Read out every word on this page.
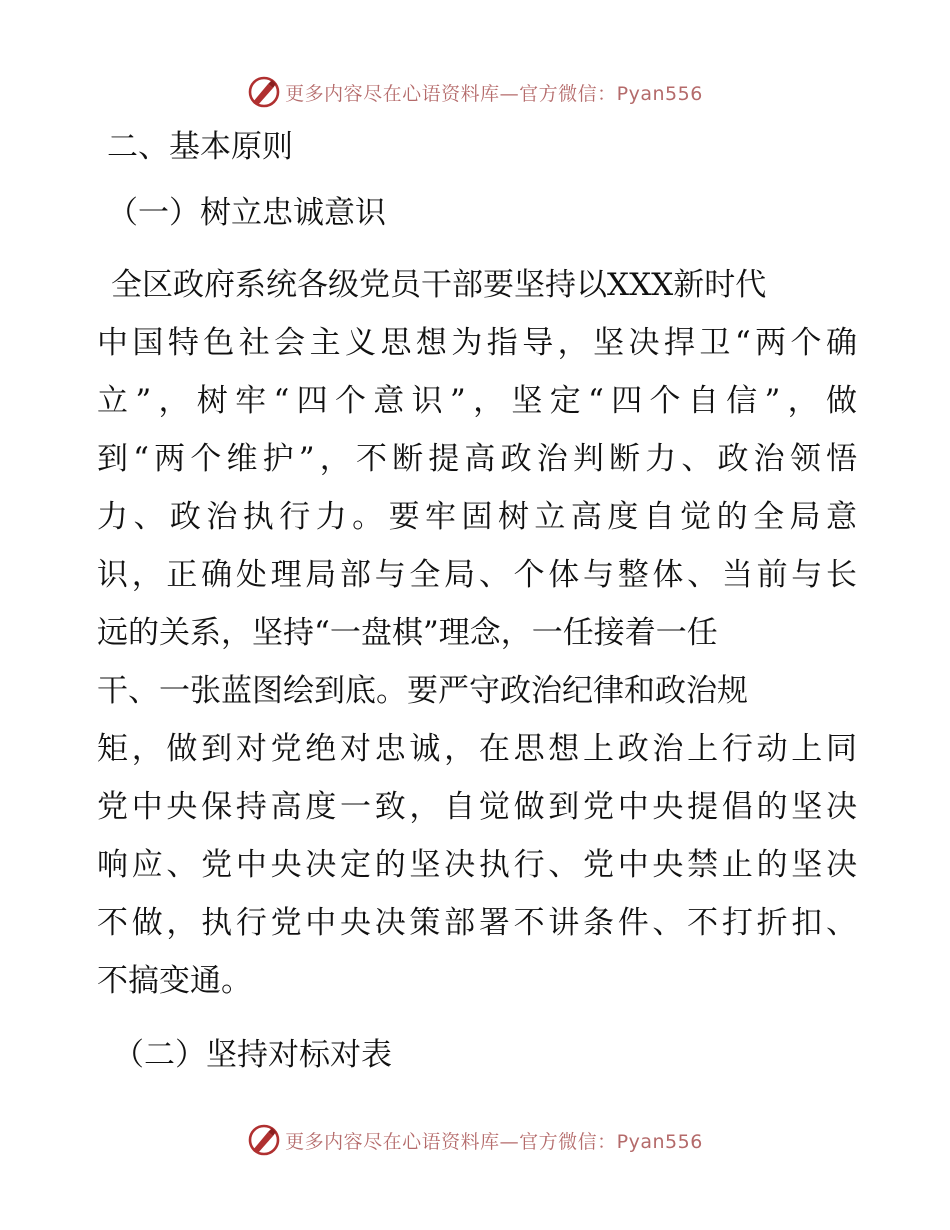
更多内容尽在心语资料库—官方微信：Pyan556
二、基本原则
（一）树立忠诚意识
全区政府系统各级党员干部要坚持以XXX新时代
中国特色社会主义思想为指导，坚决捍卫“两个确
立”，树牢“四个意识”，坚定“四个自信”，做
到“两个维护”，不断提高政治判断力、政治领悟
力、政治执行力。要牢固树立高度自觉的全局意
识，正确处理局部与全局、个体与整体、当前与长
远的关系，坚持“一盘棋”理念，一任接着一任
干、一张蓝图绘到底。要严守政治纪律和政治规
矩，做到对党绝对忠诚，在思想上政治上行动上同
党中央保持高度一致，自觉做到党中央提倡的坚决
响应、党中央决定的坚决执行、党中央禁止的坚决
不做，执行党中央决策部署不讲条件、不打折扣、
不搞变通。
（二）坚持对标对表
更多内容尽在心语资料库—官方微信：Pyan556
